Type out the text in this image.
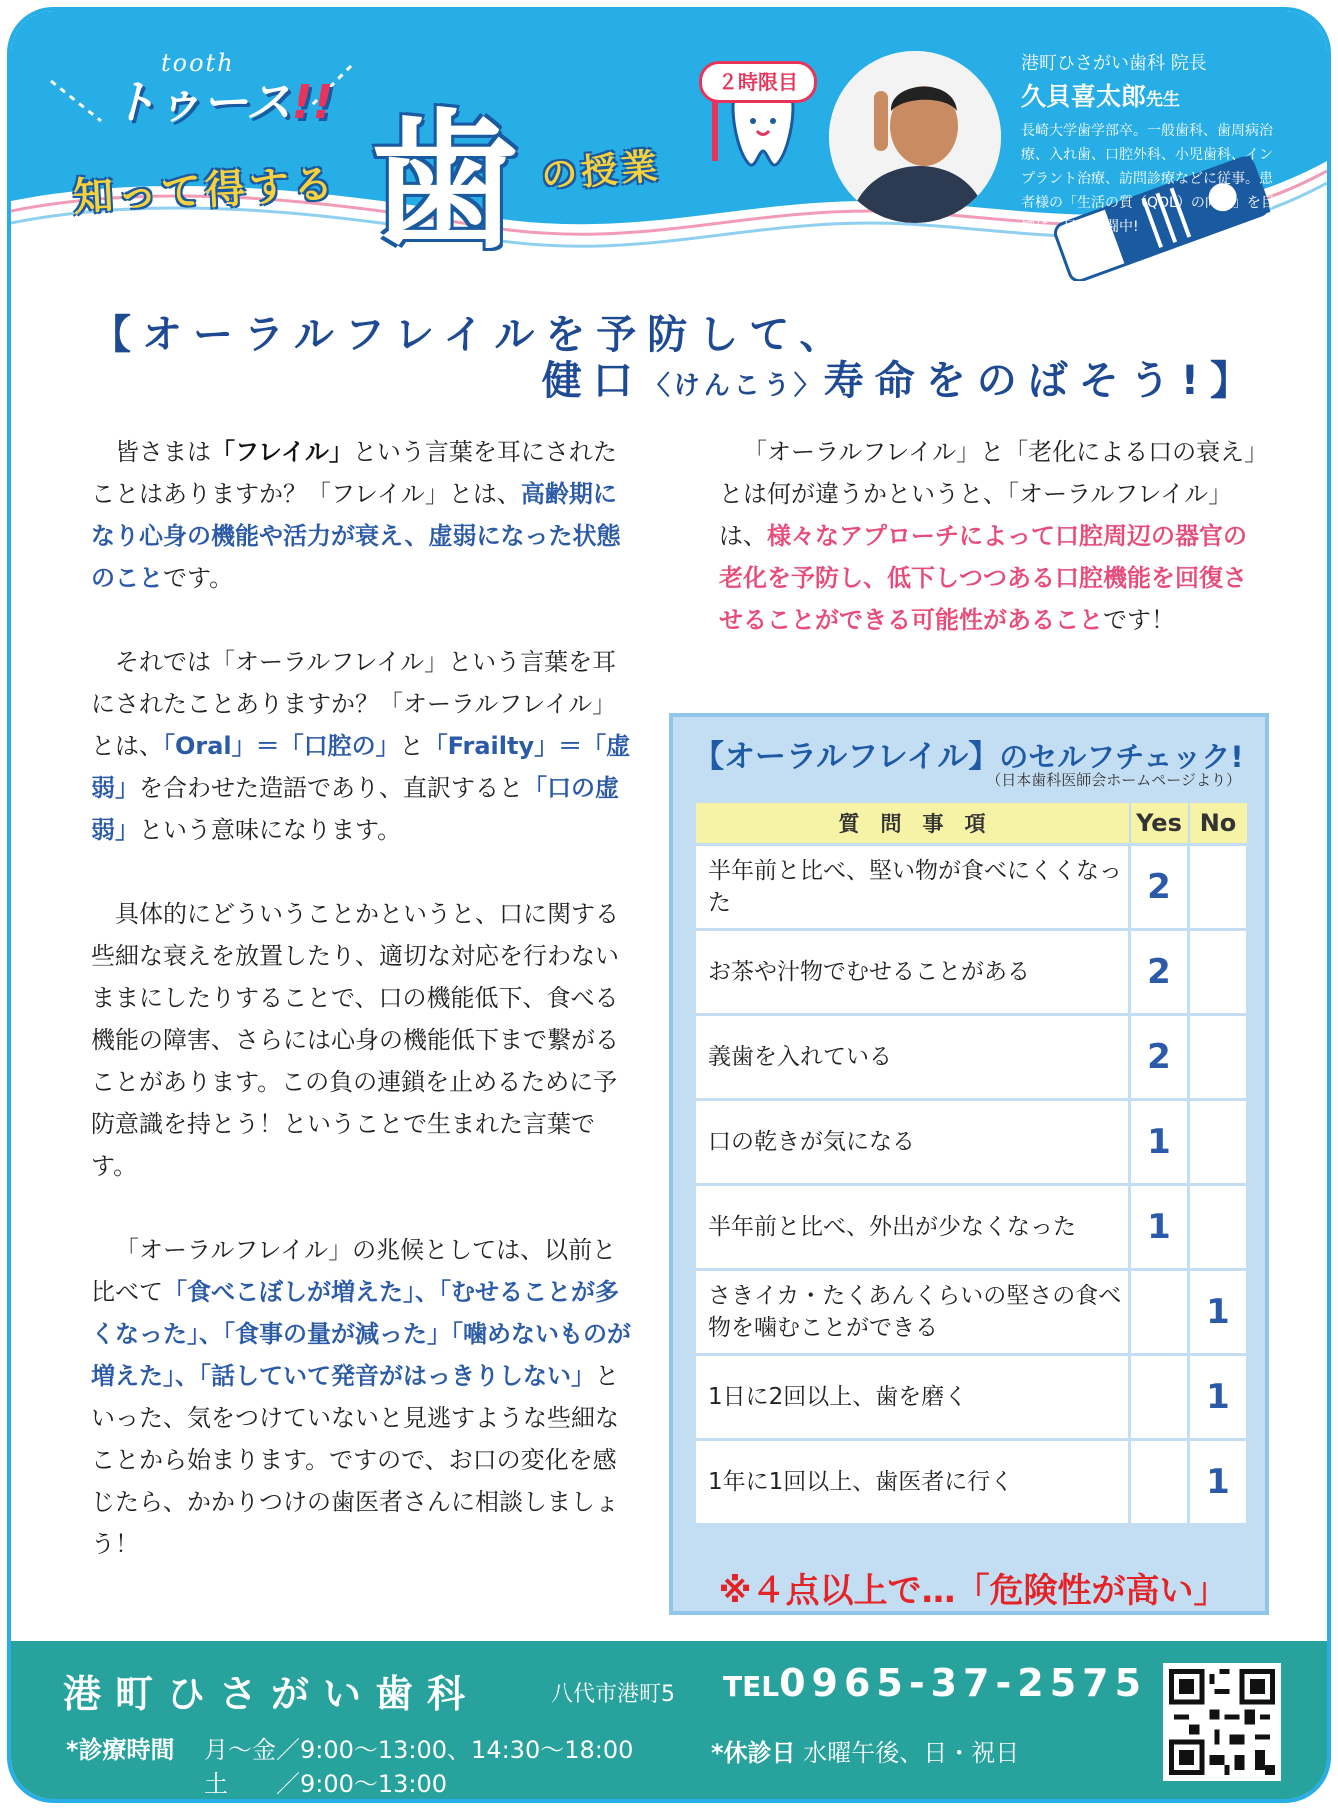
tooth
トゥース!!
知って得する 歯 の授業
２時限目
港町ひさがい歯科 院長
久貝喜太郎先生
長崎大学歯学部卒。一般歯科、歯周病治療、入れ歯、口腔外科、小児歯科、インプラント治療、訪問診療などに従事。患者様の「生活の質（QOL）の向上」を目標に、日々奮闘中!
【オーラルフレイルを予防して、
健口〈けんこう〉寿命をのばそう!】

皆さまは「フレイル」という言葉を耳にされたことはありますか？「フレイル」とは、高齢期になり心身の機能や活力が衰え、虚弱になった状態のことです。

それでは「オーラルフレイル」という言葉を耳にされたことありますか？「オーラルフレイル」とは、「Oral」＝「口腔の」と「Frailty」＝「虚弱」を合わせた造語であり、直訳すると「口の虚弱」という意味になります。

具体的にどういうことかというと、口に関する些細な衰えを放置したり、適切な対応を行わないままにしたりすることで、口の機能低下、食べる機能の障害、さらには心身の機能低下まで繋がることがあります。この負の連鎖を止めるために予防意識を持とう！ということで生まれた言葉です。

「オーラルフレイル」の兆候としては、以前と比べて「食べこぼしが増えた」、「むせることが多くなった」、「食事の量が減った」「噛めないものが増えた」、「話していて発音がはっきりしない」といった、気をつけていないと見逃すような些細なことから始まります。ですので、お口の変化を感じたら、かかりつけの歯医者さんに相談しましょう！

「オーラルフレイル」と「老化による口の衰え」とは何が違うかというと、「オーラルフレイル」は、様々なアプローチによって口腔周辺の器官の老化を予防し、低下しつつある口腔機能を回復させることができる可能性があることです！

【オーラルフレイル】のセルフチェック!
（日本歯科医師会ホームページより）
質　問　事　項	Yes	No
半年前と比べ、堅い物が食べにくくなった	2	
お茶や汁物でむせることがある	2	
義歯を入れている	2	
口の乾きが気になる	1	
半年前と比べ、外出が少なくなった	1	
さきイカ・たくあんくらいの堅さの食べ物を噛むことができる		1
1日に2回以上、歯を磨く		1
1年に1回以上、歯医者に行く		1
※４点以上で…「危険性が高い」
港町ひさがい歯科	八代市港町5 TEL0965-37-2575
*診療時間	月〜金／9:00〜13:00、14:30〜18:00
土　　／9:00〜13:00
*休診日 水曜午後、日・祝日
